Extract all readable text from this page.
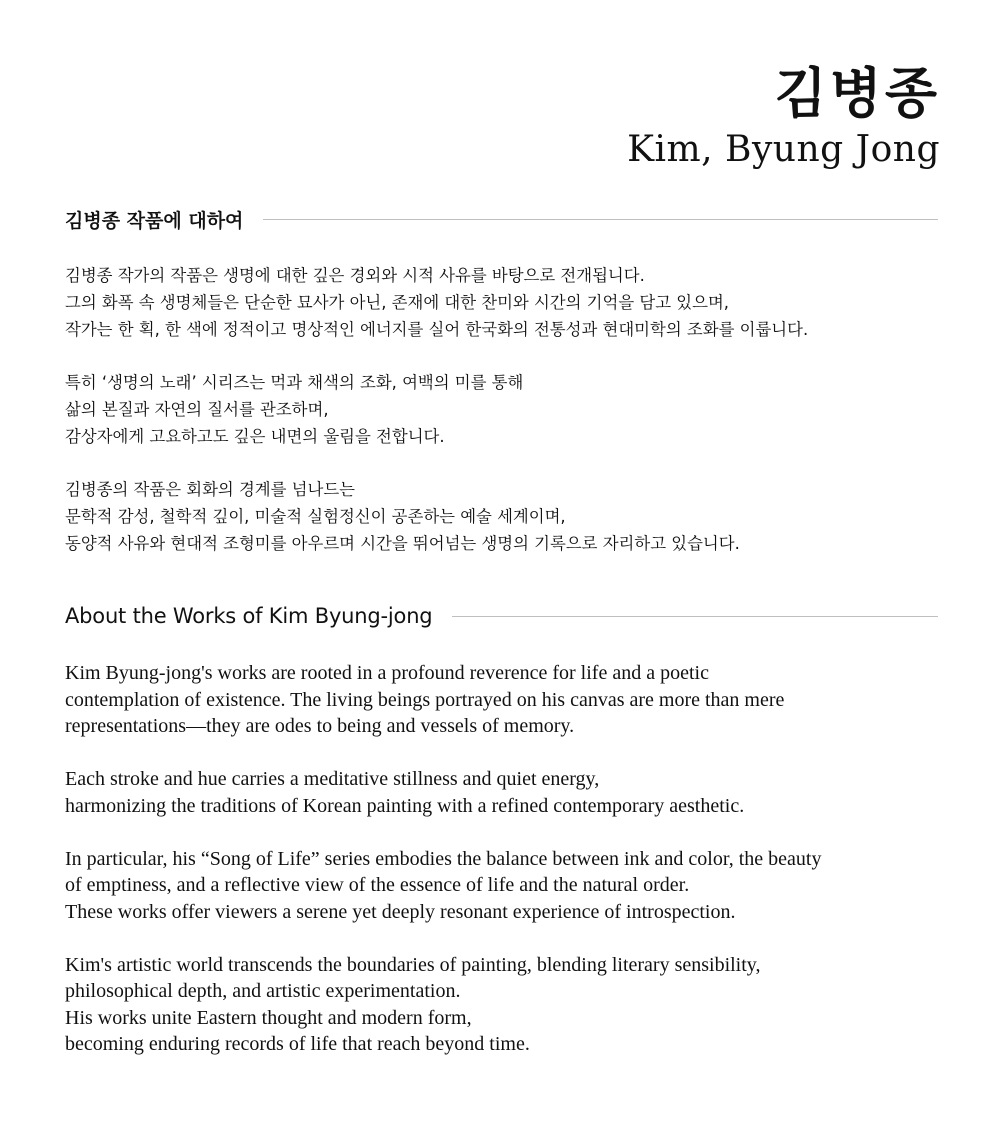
김병종
Kim, Byung Jong
김병종 작품에 대하여
김병종 작가의 작품은 생명에 대한 깊은 경외와 시적 사유를 바탕으로 전개됩니다.
그의 화폭 속 생명체들은 단순한 묘사가 아닌, 존재에 대한 찬미와 시간의 기억을 담고 있으며,
작가는 한 획, 한 색에 정적이고 명상적인 에너지를 실어 한국화의 전통성과 현대미학의 조화를 이룹니다.
특히 ‘생명의 노래’ 시리즈는 먹과 채색의 조화, 여백의 미를 통해
삶의 본질과 자연의 질서를 관조하며,
감상자에게 고요하고도 깊은 내면의 울림을 전합니다.
김병종의 작품은 회화의 경계를 넘나드는
문학적 감성, 철학적 깊이, 미술적 실험정신이 공존하는 예술 세계이며,
동양적 사유와 현대적 조형미를 아우르며 시간을 뛰어넘는 생명의 기록으로 자리하고 있습니다.
About the Works of Kim Byung-jong
Kim Byung-jong's works are rooted in a profound reverence for life and a poetic
contemplation of existence. The living beings portrayed on his canvas are more than mere
representations—they are odes to being and vessels of memory.
Each stroke and hue carries a meditative stillness and quiet energy,
harmonizing the traditions of Korean painting with a refined contemporary aesthetic.
In particular, his “Song of Life” series embodies the balance between ink and color, the beauty
of emptiness, and a reflective view of the essence of life and the natural order.
These works offer viewers a serene yet deeply resonant experience of introspection.
Kim's artistic world transcends the boundaries of painting, blending literary sensibility,
philosophical depth, and artistic experimentation.
His works unite Eastern thought and modern form,
becoming enduring records of life that reach beyond time.
